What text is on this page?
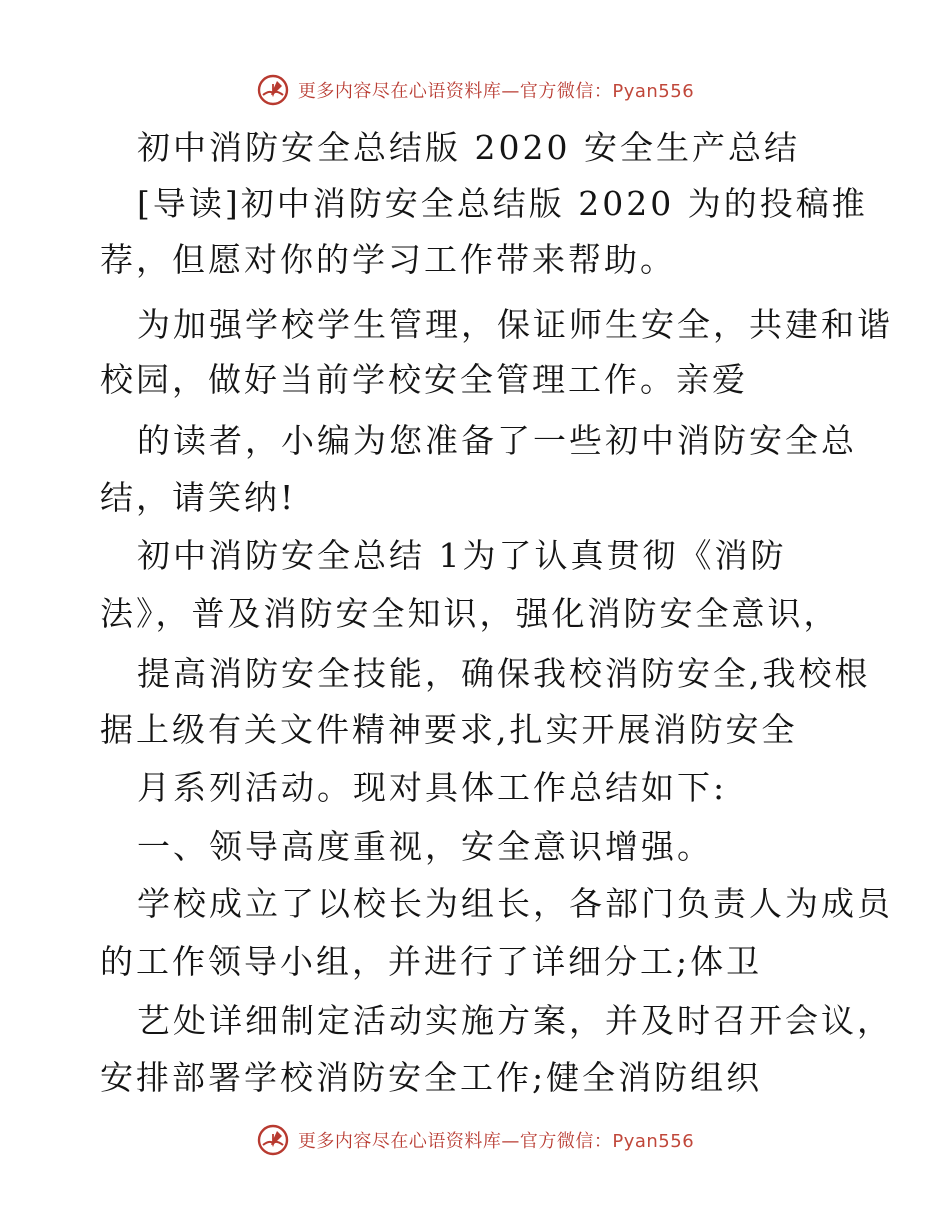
更多内容尽在心语资料库—官方微信：Pyan556
初中消防安全总结版 2020 安全生产总结
[导读]初中消防安全总结版 2020 为的投稿推
荐，但愿对你的学习工作带来帮助。
为加强学校学生管理，保证师生安全，共建和谐
校园，做好当前学校安全管理工作。亲爱
的读者，小编为您准备了一些初中消防安全总
结，请笑纳!
初中消防安全总结 1为了认真贯彻《消防
法》，普及消防安全知识，强化消防安全意识，
提高消防安全技能，确保我校消防安全,我校根
据上级有关文件精神要求,扎实开展消防安全
月系列活动。现对具体工作总结如下:
一、领导高度重视，安全意识增强。
学校成立了以校长为组长，各部门负责人为成员
的工作领导小组，并进行了详细分工;体卫
艺处详细制定活动实施方案，并及时召开会议，
安排部署学校消防安全工作;健全消防组织
更多内容尽在心语资料库—官方微信：Pyan556
